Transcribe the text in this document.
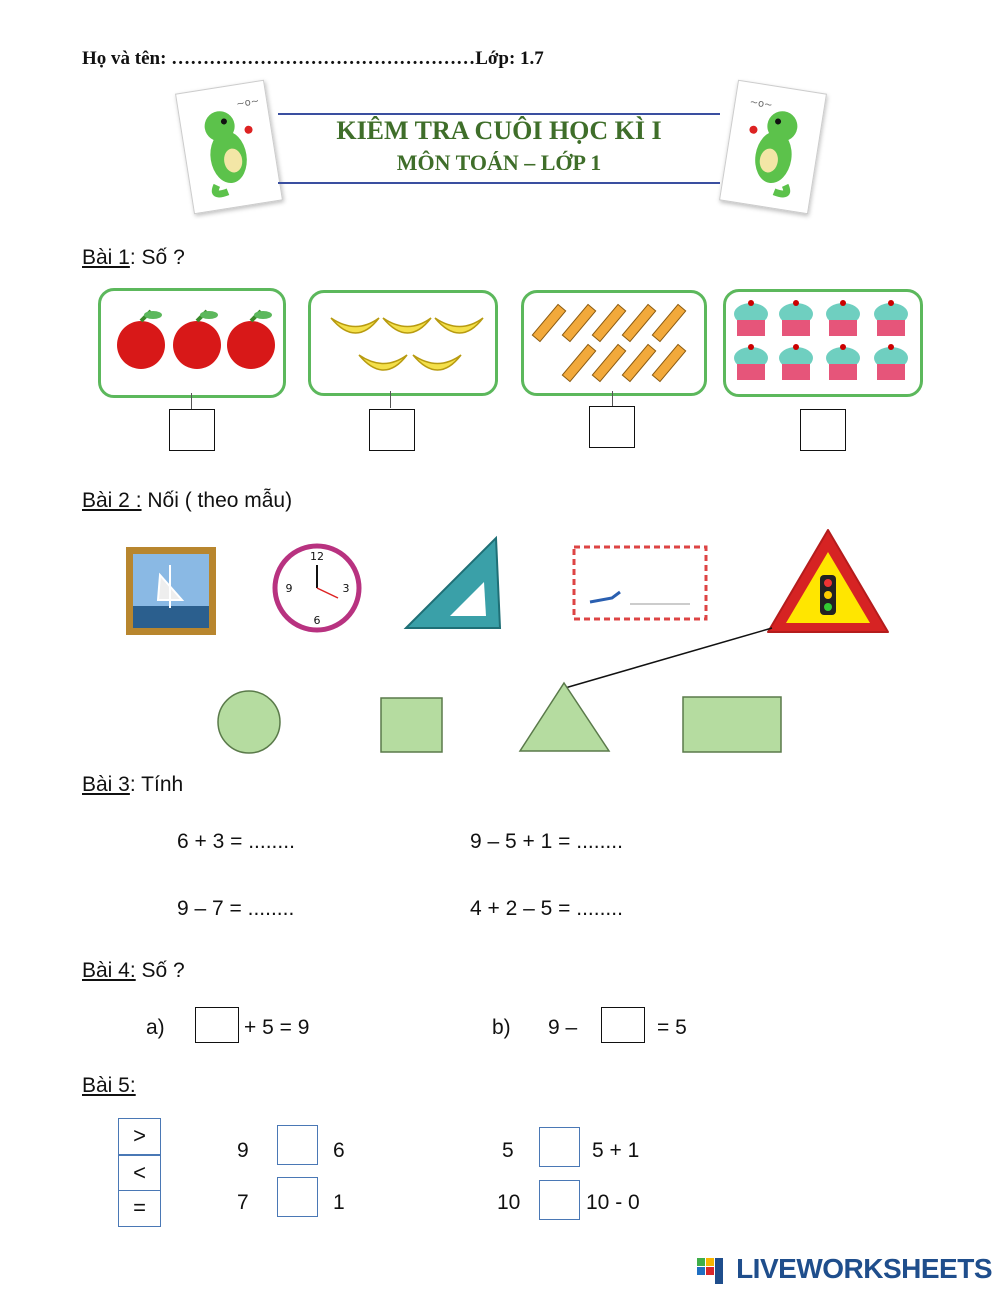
Họ và tên: …………………………………………Lớp: 1.7
~o~	~o~
KIÊM TRA CUÔI HỌC KÌ I
MÔN TOÁN – LỚP 1
Bài 1: Số ?
Bài 2 : Nối ( theo mẫu)
12
3
6
9
Bài 3: Tính
6 + 3 = ........	9 – 5 + 1 = ........
9 – 7 = ........	4 + 2 – 5 = ........
Bài 4: Số ?
a)	+ 5 = 9	b) 9 –	= 5
Bài 5:
>
<
=
9	6	5	5 + 1
7	1	10	10 - 0
LIVEWORKSHEETS
